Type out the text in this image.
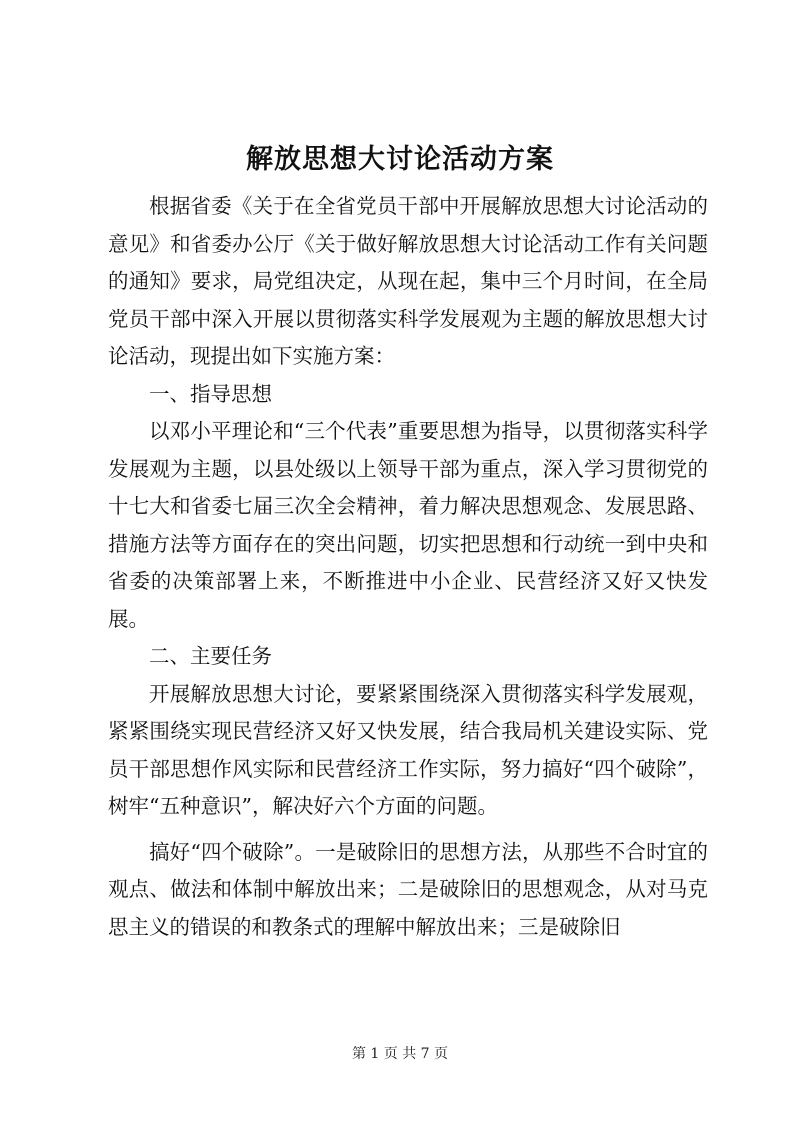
解放思想大讨论活动方案

根据省委《关于在全省党员干部中开展解放思想大讨论活动的意见》和省委办公厅《关于做好解放思想大讨论活动工作有关问题的通知》要求，局党组决定，从现在起，集中三个月时间，在全局党员干部中深入开展以贯彻落实科学发展观为主题的解放思想大讨论活动，现提出如下实施方案：

一、指导思想

以邓小平理论和“三个代表”重要思想为指导，以贯彻落实科学发展观为主题，以县处级以上领导干部为重点，深入学习贯彻党的十七大和省委七届三次全会精神，着力解决思想观念、发展思路、措施方法等方面存在的突出问题，切实把思想和行动统一到中央和省委的决策部署上来，不断推进中小企业、民营经济又好又快发展。

二、主要任务

开展解放思想大讨论，要紧紧围绕深入贯彻落实科学发展观，紧紧围绕实现民营经济又好又快发展，结合我局机关建设实际、党员干部思想作风实际和民营经济工作实际，努力搞好“四个破除”，树牢“五种意识”，解决好六个方面的问题。

搞好“四个破除”。一是破除旧的思想方法，从那些不合时宜的观点、做法和体制中解放出来；二是破除旧的思想观念，从对马克思主义的错误的和教条式的理解中解放出来；三是破除旧

第 1 页 共 7 页
